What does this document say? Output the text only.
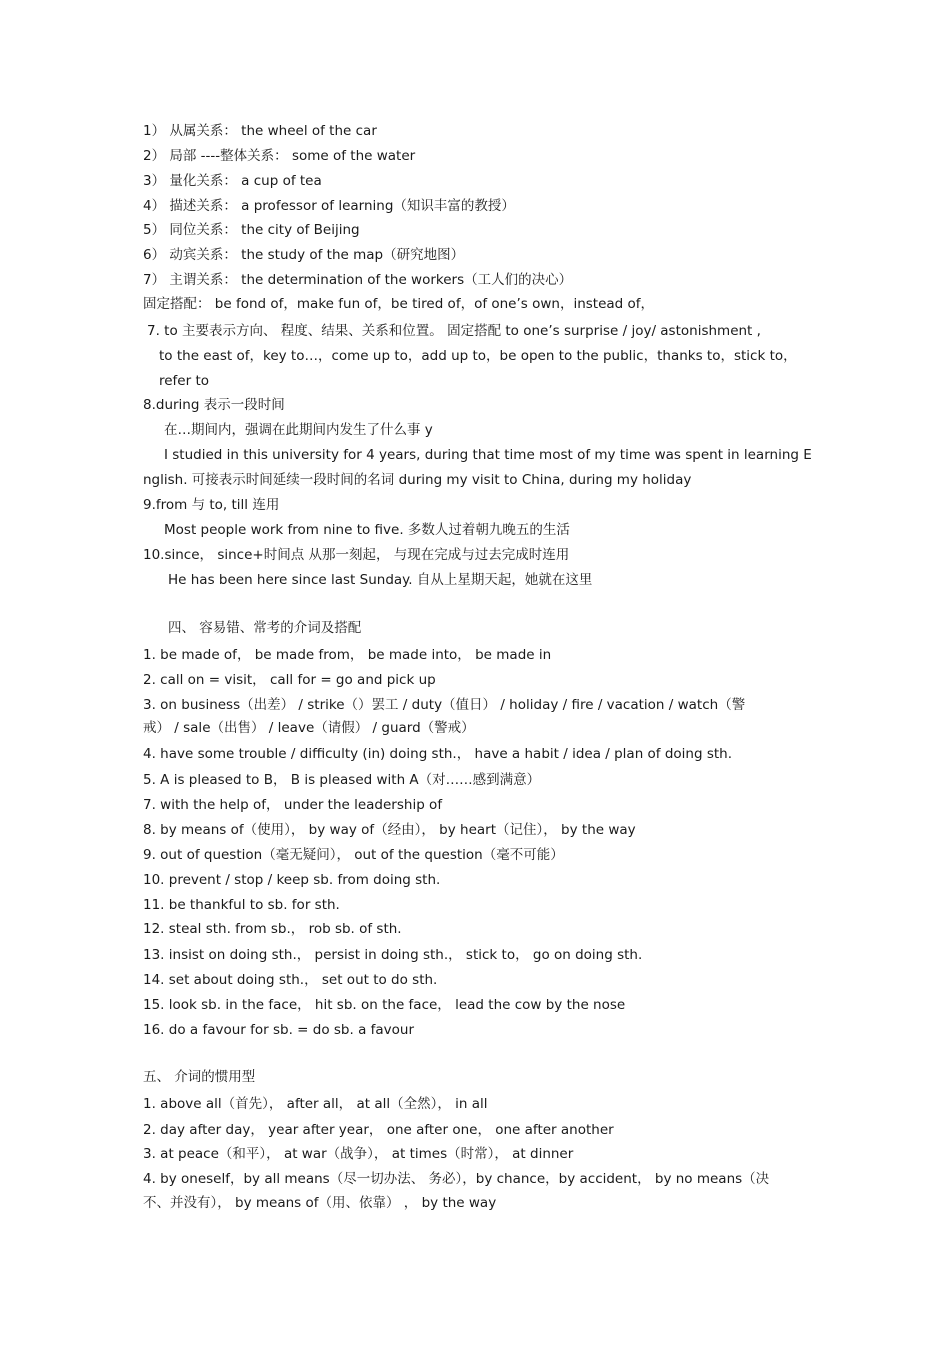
1） 从属关系： the wheel of the car
2） 局部 ----整体关系： some of the water
3） 量化关系： a cup of tea
4） 描述关系： a professor of learning（知识丰富的教授）
5） 同位关系： the city of Beijing
6） 动宾关系： the study of the map（研究地图）
7） 主谓关系： the determination of the workers（工人们的决心）
固定搭配： be fond of，make fun of，be tired of，of one’s own，instead of，
7. to 主要表示方向、 程度、结果、关系和位置。 固定搭配 to one’s surprise / joy/ astonishment ,
to the east of，key to…，come up to，add up to，be open to the public，thanks to，stick to，
refer to
8.during 表示一段时间
在…期间内，强调在此期间内发生了什么事 y
I studied in this university for 4 years, during that time most of my time was spent in learning E
nglish. 可接表示时间延续一段时间的名词 during my visit to China, during my holiday
9.from 与 to, till 连用
Most people work from nine to five. 多数人过着朝九晚五的生活
10.since， since+时间点 从那一刻起， 与现在完成与过去完成时连用
He has been here since last Sunday. 自从上星期天起，她就在这里
四、 容易错、常考的介词及搭配
1. be made of， be made from， be made into， be made in
2. call on = visit， call for = go and pick up
3. on business（出差） / strike（）罢工 / duty（值日） / holiday / fire / vacation / watch（警
戒） / sale（出售） / leave（请假） / guard（警戒）
4. have some trouble / difficulty (in) doing sth.， have a habit / idea / plan of doing sth.
5. A is pleased to B， B is pleased with A（对……感到满意）
7. with the help of， under the leadership of
8. by means of（使用）， by way of（经由）， by heart（记住）， by the way
9. out of question（毫无疑问）， out of the question（毫不可能）
10. prevent / stop / keep sb. from doing sth.
11. be thankful to sb. for sth.
12. steal sth. from sb.， rob sb. of sth.
13. insist on doing sth.， persist in doing sth.， stick to， go on doing sth.
14. set about doing sth.， set out to do sth.
15. look sb. in the face， hit sb. on the face， lead the cow by the nose
16. do a favour for sb. = do sb. a favour
五、 介词的惯用型
1. above all（首先）， after all， at all（全然）， in all
2. day after day， year after year， one after one， one after another
3. at peace（和平）， at war（战争）， at times（时常）， at dinner
4. by oneself，by all means（尽一切办法、 务必），by chance，by accident， by no means（决
不、并没有）， by means of（用、依靠） ， by the way
